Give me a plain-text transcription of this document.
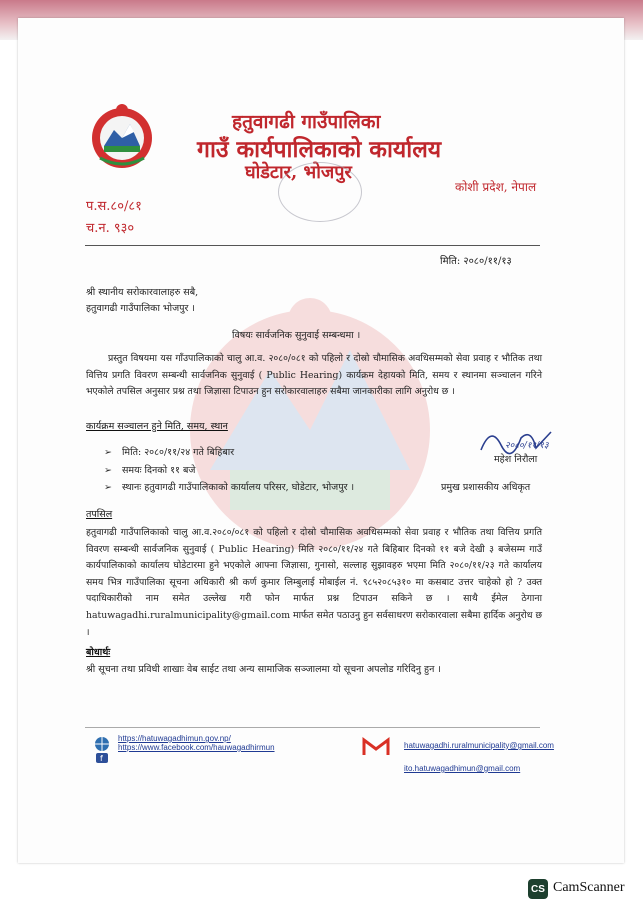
हतुवागढी गाउँपालिका
गाउँ कार्यपालिकाको कार्यालय
घोडेटार, भोजपुर
कोशी प्रदेश, नेपाल
प.स.८०/८१
च.न. ९३०
मिति: २०८०/११/१३
श्री स्थानीय सरोकारवालाहरु सबै,
हतुवागढी गाउँपालिका भोजपुर ।
विषयः सार्वजनिक सुनुवाई सम्बन्धमा ।
प्रस्तुत विषयमा यस गाँउपालिकाको चालु आ.व. २०८०/०८१ को पहिलो र दोस्रो चौमासिक अवधिसम्मको सेवा प्रवाह र भौतिक तथा वित्तिय प्रगति विवरण सम्बन्धी सार्वजनिक सुनुवाई ( Public Hearing) कार्यक्रम देहायको मिति, समय र स्थानमा सञ्चालन गरिने भएकोले तपसिल अनुसार प्रश्न तथा जिज्ञासा टिपाउन हुन सरोकारवालाहरु सबैमा जानकारीका लागि अनुरोध छ ।
कार्यक्रम सञ्चालन हुने मिति, समय, स्थान
➢ मिति: २०८०/११/२४ गते बिहिबार
➢ समयः दिनको ११ बजे
➢ स्थानः हतुवागढी गाउँपालिकाको कार्यालय परिसर, घोडेटार, भोजपुर ।
२०८०/११/१३
महेश निरौला
प्रमुख प्रशासकीय अधिकृत
तपसिल
हतुवागढी गाउँपालिकाको चालु आ.व.२०८०/०८१ को पहिलो र दोस्रो चौमासिक अवधिसम्मको सेवा प्रवाह र भौतिक तथा वित्तिय प्रगति विवरण सम्बन्धी सार्वजनिक सुनुवाई ( Public Hearing) मिति २०८०/११/२४ गते बिहिबार दिनको ११ बजे देखी ३ बजेसम्म गाउँ कार्यपालिकाको कार्यालय घोडेटारमा हुने भएकोले आफ्ना जिज्ञासा, गुनासो, सल्लाह सुझावहरु भएमा मिति २०८०/११/२३ गते कार्यालय समय भित्र गाउँपालिका सूचना अधिकारी श्री कर्ण कुमार लिम्बुलाई मोबाईल नं. ९८५२०८५३१० मा कसबाट उत्तर चाहेको हो ? उक्त पदाधिकारीको नाम समेत उल्लेख गरी फोन मार्फत प्रश्न टिपाउन सकिने छ । साथै ईमेल ठेगाना hatuwagadhi.ruralmunicipality@gmail.com मार्फत समेत पठाउनु हुन सर्वसाधरण सरोकारवाला सबैमा हार्दिक अनुरोध छ ।
बोधार्थः
श्री सूचना तथा प्रविधी शाखाः वेब साईट तथा अन्य सामाजिक सञ्जालमा यो सूचना अपलोड गरिदिनु हुन ।
f
https://hatuwagadhimun.gov.np/
https://www.facebook.com/hauwagadhirmun	hatuwagadhi.ruralmunicipality@gmail.com
ito.hatuwagadhimun@gmail.com
CS CamScanner
